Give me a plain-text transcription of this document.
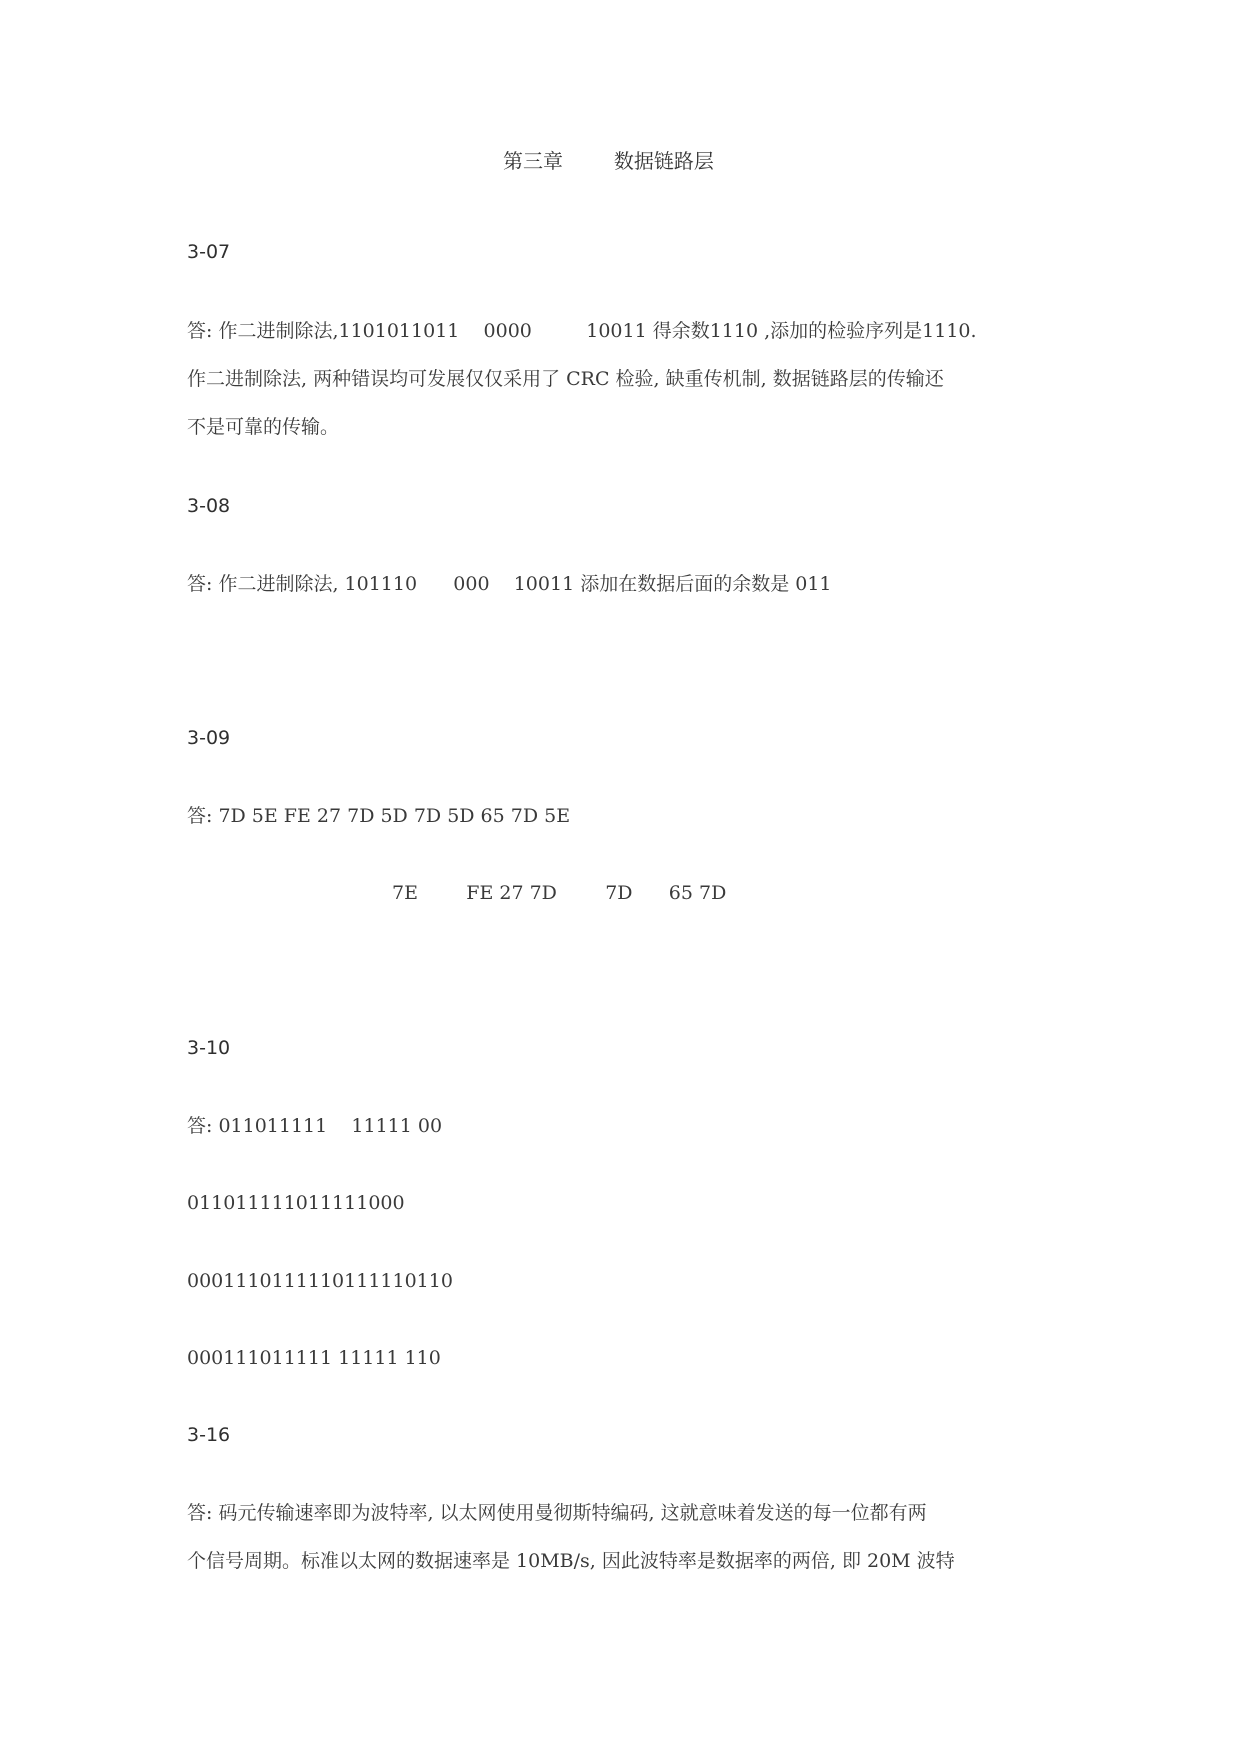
第三章        数据链路层
3-07
答: 作二进制除法,1101011011    0000         10011 得余数1110 ,添加的检验序列是1110.
作二进制除法, 两种错误均可发展仅仅采用了 CRC 检验, 缺重传机制, 数据链路层的传输还
不是可靠的传输。
3-08
答: 作二进制除法, 101110      000    10011 添加在数据后面的余数是 011
3-09
答: 7D 5E FE 27 7D 5D 7D 5D 65 7D 5E
7E        FE 27 7D        7D      65 7D
3-10
答: 011011111    11111 00
011011111011111000
0001110111110111110110
000111011111 11111 110
3-16
答: 码元传输速率即为波特率, 以太网使用曼彻斯特编码, 这就意味着发送的每一位都有两
个信号周期。标准以太网的数据速率是 10MB/s, 因此波特率是数据率的两倍, 即 20M 波特
